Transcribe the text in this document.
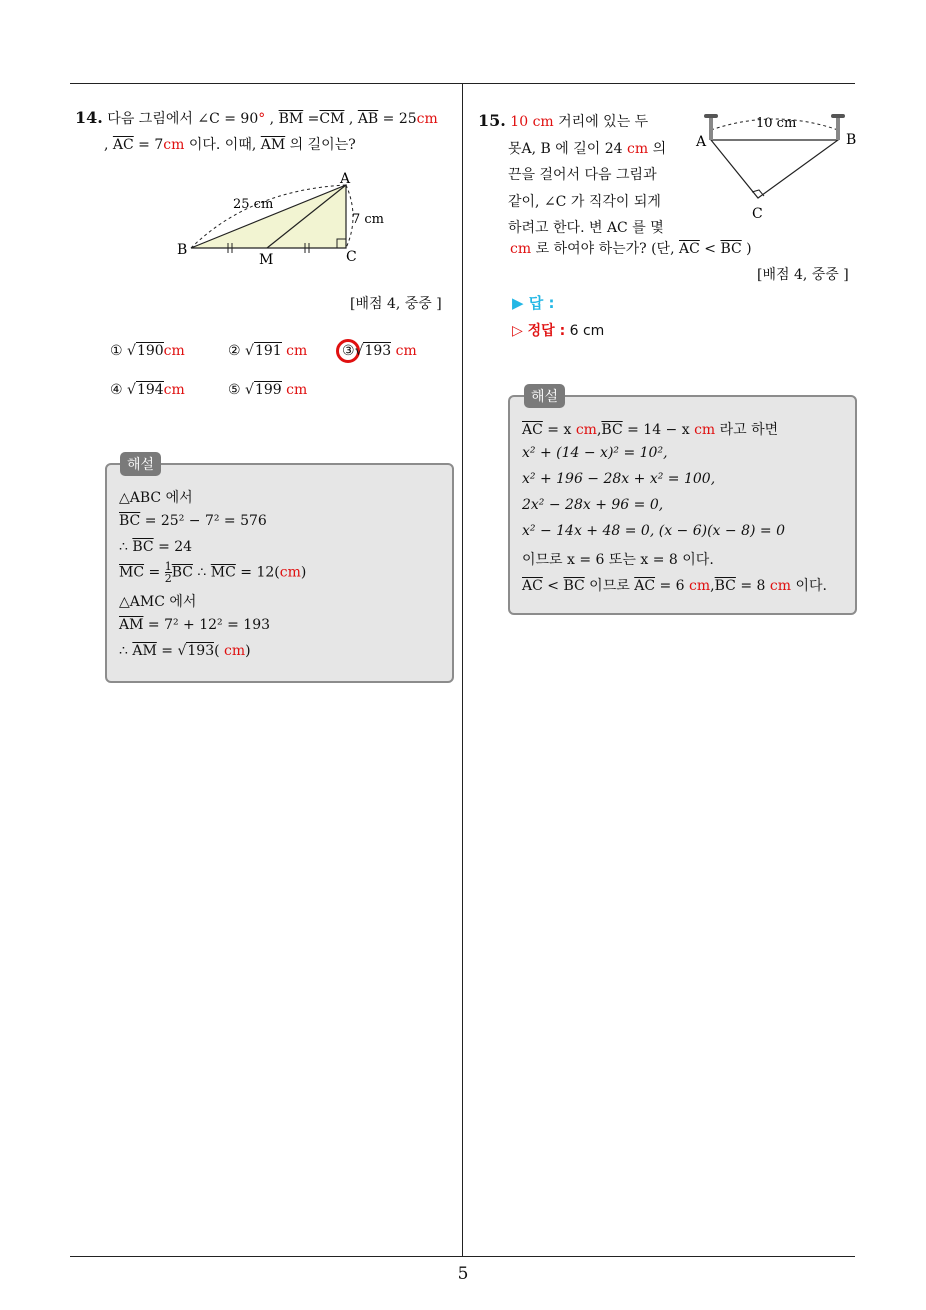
5
14. 다음 그림에서 ∠C = 90° , $\overline{BM} =\overline{CM}$ , $\overline{AB} = 25cm$
, $\overline{AC} = 7cm$ 이다. 이때, $\overline{AM}$ 의 길이는?
A
B	C
M
25 cm
7 cm
[배점 4, 중중 ]
① √190cm	② √191 cm ③√193 cm
④ √194cm	⑤ √199 cm
△ABC 에서
$\overline{BC} = 25^2 - 7^2 = 576$
∴ $\overline{BC} = 24$
$\overline{MC} = \frac{1}{2} \overline{BC}$ ∴ $\overline{MC} = 12(cm)$
△AMC 에서
$\overline{AM} = 7^2 + 12^2 = 193$
∴ $\overline{AM} = √193$( cm)
해설
15. 10 cm 거리에 있는 두
못A, B 에 길이 24 cm 의
끈을 걸어서 다음 그림과
같이, ∠C 가 직각이 되게
하려고 한다. 변 AC 를 몇
cm 로 하여야 하는가? (단, $\overline{AC} < \overline{BC}$ )
[배점 4, 중중 ]
A	B
C
10 cm
▶ 답 :
▷ 정답 : 6 cm
$\overline{AC} = x$ $cm,\overline{BC} = 14 - x$ cm 라고 하면
x² + (14 − x)² = 10²,
x² + 196 − 28x + x² = 100,
2x² − 28x + 96 = 0,
x² − 14x + 48 = 0, (x − 6)(x − 8) = 0
이므로 x = 6 또는 x = 8 이다.
$\overline{AC} < \overline{BC}$ 이므로 $\overline{AC} = 6$ $cm,\overline{BC} = 8$ cm 이다.
해설
